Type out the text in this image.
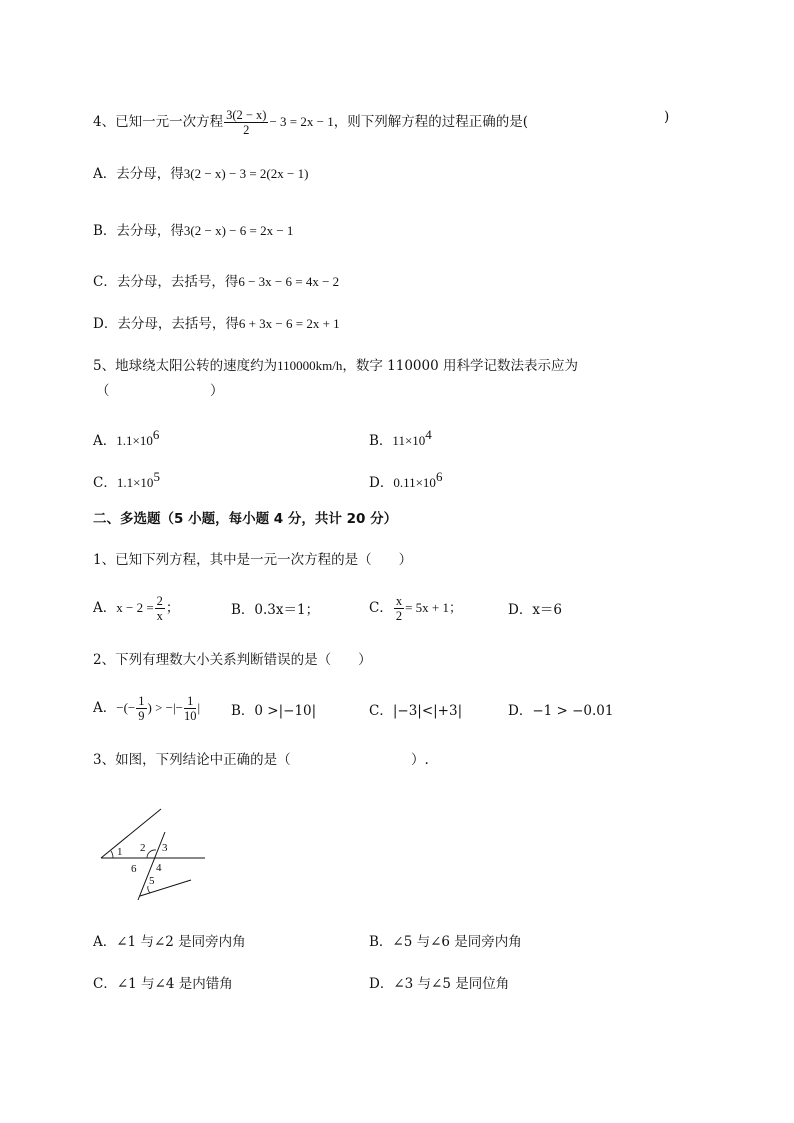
4、已知一元一次方程 $\frac{3(2 - x)}{2} - 3 = 2x - 1$，则下列解方程的过程正确的是(	)
A．去分母，得3(2 − x) − 3 = 2(2x − 1)
B．去分母，得3(2 − x) − 6 = 2x − 1
C．去分母，去括号，得6 − 3x − 6 = 4x − 2
D．去分母，去括号，得6 + 3x − 6 = 2x + 1
5、地球绕太阳公转的速度约为110000km/h，数字 110000 用科学记数法表示应为
（	）
A．$1.1\times 10^6$	B．$11\times 10^4$
C．$1.1\times 10^5$	D．$0.11\times 10^6$
二、多选题（5 小题，每小题 4 分，共计 20 分）
1、已知下列方程，其中是一元一次方程的是（　　）
A．$x - 2 = \frac{2}{x}$ ；	B．0.3x＝1；	C． $\frac{x}{2} = 5x + 1$；	D．x＝6
2、下列有理数大小关系判断错误的是（　　）
A．−(− $\frac{1}{9}$ ) > −|− $\frac{1}{10}$ | B．0 >|−10|	C．|−3|<|+3|	D．−1 > −0.01
3、如图，下列结论中正确的是（	）.
1 2 3
4
5
6
A．∠1 与∠2 是同旁内角	B．∠5 与∠6 是同旁内角
C．∠1 与∠4 是内错角	D．∠3 与∠5 是同位角
